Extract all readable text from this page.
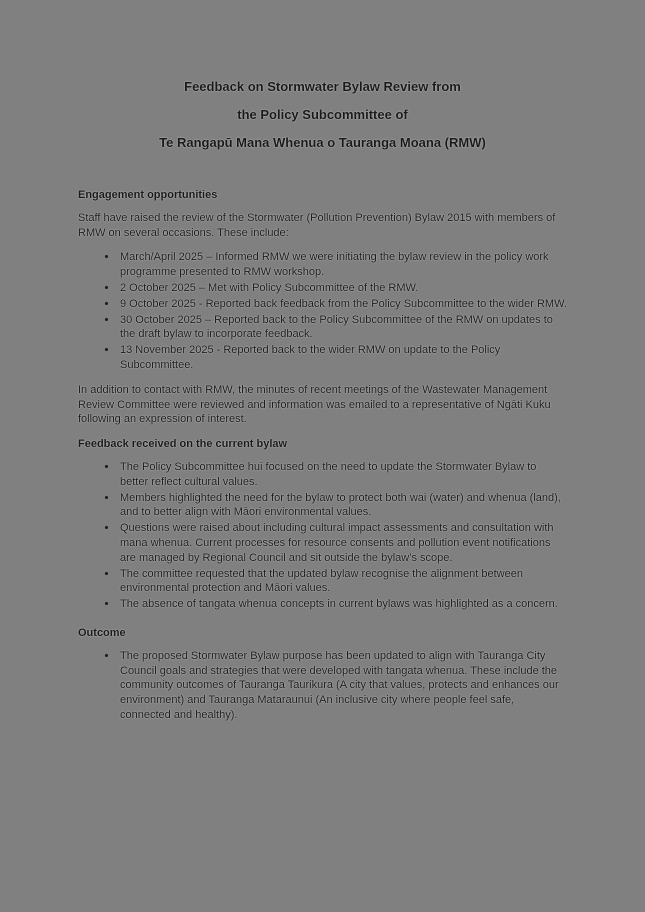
Feedback on Stormwater Bylaw Review from
the Policy Subcommittee of
Te Rangapū Mana Whenua o Tauranga Moana (RMW)
Engagement opportunities

Staff have raised the review of the Stormwater (Pollution Prevention) Bylaw 2015 with members of RMW on several occasions. These include:

• March/April 2025 – Informed RMW we were initiating the bylaw review in the policy work programme presented to RMW workshop.
• 2 October 2025 – Met with Policy Subcommittee of the RMW.
• 9 October 2025 - Reported back feedback from the Policy Subcommittee to the wider RMW.
• 30 October 2025 – Reported back to the Policy Subcommittee of the RMW on updates to the draft bylaw to incorporate feedback.
• 13 November 2025 - Reported back to the wider RMW on update to the Policy Subcommittee.

In addition to contact with RMW, the minutes of recent meetings of the Wastewater Management Review Committee were reviewed and information was emailed to a representative of Ngāti Kuku following an expression of interest.

Feedback received on the current bylaw
• The Policy Subcommittee hui focused on the need to update the Stormwater Bylaw to better reflect cultural values.
• Members highlighted the need for the bylaw to protect both wai (water) and whenua (land), and to better align with Māori environmental values.
• Questions were raised about including cultural impact assessments and consultation with mana whenua. Current processes for resource consents and pollution event notifications are managed by Regional Council and sit outside the bylaw’s scope.
• The committee requested that the updated bylaw recognise the alignment between environmental protection and Māori values.
• The absence of tangata whenua concepts in current bylaws was highlighted as a concern.
Outcome
• The proposed Stormwater Bylaw purpose has been updated to align with Tauranga City Council goals and strategies that were developed with tangata whenua. These include the community outcomes of Tauranga Taurikura (A city that values, protects and enhances our environment) and Tauranga Mataraunui (An inclusive city where people feel safe, connected and healthy).
